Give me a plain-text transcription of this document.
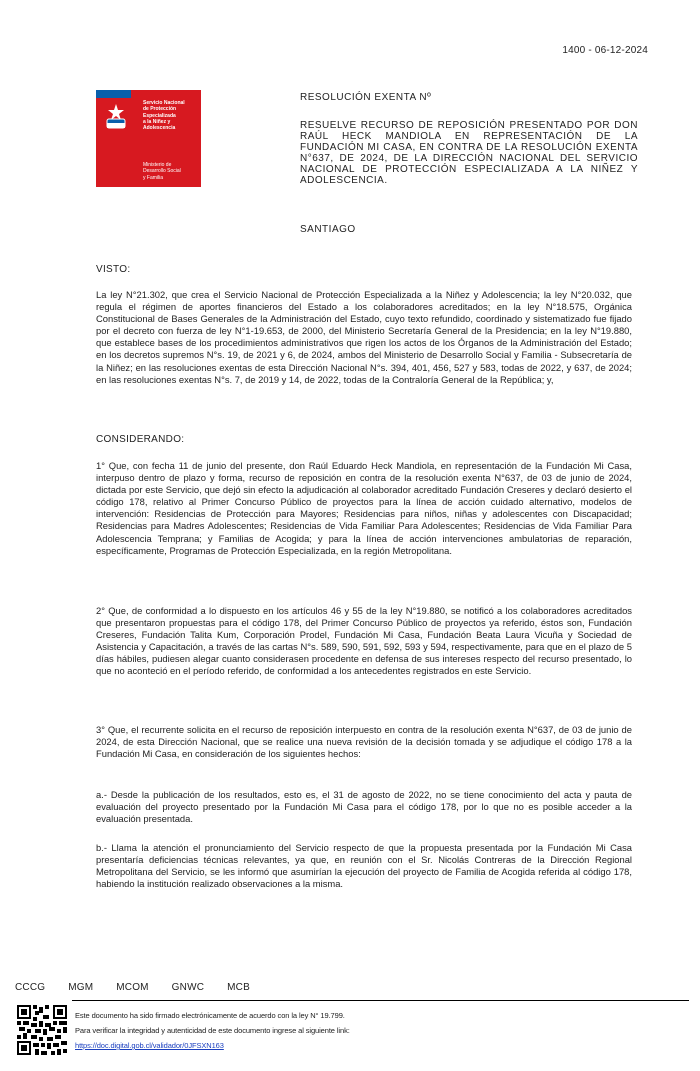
1400 - 06-12-2024
Servicio Nacional
de Protección
Especializada
a la Niñez y
Adolescencia
Ministerio de
Desarrollo Social
y Familia

RESOLUCIÓN EXENTA Nº

RESUELVE RECURSO DE REPOSICIÓN PRESENTADO POR DON RAÚL HECK MANDIOLA EN REPRESENTACIÓN DE LA FUNDACIÓN MI CASA, EN CONTRA DE LA RESOLUCIÓN EXENTA N°637, DE 2024, DE LA DIRECCIÓN NACIONAL DEL SERVICIO NACIONAL DE PROTECCIÓN ESPECIALIZADA A LA NIÑEZ Y ADOLESCENCIA.

SANTIAGO
VISTO:

La ley N°21.302, que crea el Servicio Nacional de Protección Especializada a la Niñez y Adolescencia; la ley N°20.032, que regula el régimen de aportes financieros del Estado a los colaboradores acreditados; en la ley N°18.575, Orgánica Constitucional de Bases Generales de la Administración del Estado, cuyo texto refundido, coordinado y sistematizado fue fijado por el decreto con fuerza de ley N°1-19.653, de 2000, del Ministerio Secretaría General de la Presidencia; en la ley N°19.880, que establece bases de los procedimientos administrativos que rigen los actos de los Órganos de la Administración del Estado; en los decretos supremos N°s. 19, de 2021 y 6, de 2024, ambos del Ministerio de Desarrollo Social y Familia - Subsecretaría de la Niñez; en las resoluciones exentas de esta Dirección Nacional N°s. 394, 401, 456, 527 y 583, todas de 2022, y 637, de 2024; en las resoluciones exentas N°s. 7, de 2019 y 14, de 2022, todas de la Contraloría General de la República; y,

CONSIDERANDO:

1° Que, con fecha 11 de junio del presente, don Raúl Eduardo Heck Mandiola, en representación de la Fundación Mi Casa, interpuso dentro de plazo y forma, recurso de reposición en contra de la resolución exenta N°637, de 03 de junio de 2024, dictada por este Servicio, que dejó sin efecto la adjudicación al colaborador acreditado Fundación Creseres y declaró desierto el código 178, relativo al Primer Concurso Público de proyectos para la línea de acción cuidado alternativo, modelos de intervención: Residencias de Protección para Mayores; Residencias para niños, niñas y adolescentes con Discapacidad; Residencias para Madres Adolescentes; Residencias de Vida Familiar Para Adolescentes; Residencias de Vida Familiar Para Adolescencia Temprana; y Familias de Acogida; y para la línea de acción intervenciones ambulatorias de reparación, específicamente, Programas de Protección Especializada, en la región Metropolitana.

2° Que, de conformidad a lo dispuesto en los artículos 46 y 55 de la ley N°19.880, se notificó a los colaboradores acreditados que presentaron propuestas para el código 178, del Primer Concurso Público de proyectos ya referido, éstos son, Fundación Creseres, Fundación Talita Kum, Corporación Prodel, Fundación Mi Casa, Fundación Beata Laura Vicuña y Sociedad de Asistencia y Capacitación, a través de las cartas N°s. 589, 590, 591, 592, 593 y 594, respectivamente, para que en el plazo de 5 días hábiles, pudiesen alegar cuanto considerasen procedente en defensa de sus intereses respecto del recurso presentado, lo que no aconteció en el período referido, de conformidad a los antecedentes registrados en este Servicio.

3° Que, el recurrente solicita en el recurso de reposición interpuesto en contra de la resolución exenta N°637, de 03 de junio de 2024, de esta Dirección Nacional, que se realice una nueva revisión de la decisión tomada y se adjudique el código 178 a la Fundación Mi Casa, en consideración de los siguientes hechos:

a.- Desde la publicación de los resultados, esto es, el 31 de agosto de 2022, no se tiene conocimiento del acta y pauta de evaluación del proyecto presentado por la Fundación Mi Casa para el código 178, por lo que no es posible acceder a la evaluación presentada.

b.- Llama la atención el pronunciamiento del Servicio respecto de que la propuesta presentada por la Fundación Mi Casa presentaría deficiencias técnicas relevantes, ya que, en reunión con el Sr. Nicolás Contreras de la Dirección Regional Metropolitana del Servicio, se les informó que asumirían la ejecución del proyecto de Familia de Acogida referida al código 178, habiendo la institución realizado observaciones a la misma.

CCCG MGM MCOM GNWC MCB
Este documento ha sido firmado electrónicamente de acuerdo con la ley N° 19.799.
Para verificar la integridad y autenticidad de este documento ingrese al siguiente link:
https://doc.digital.gob.cl/validador/0JFSXN163
